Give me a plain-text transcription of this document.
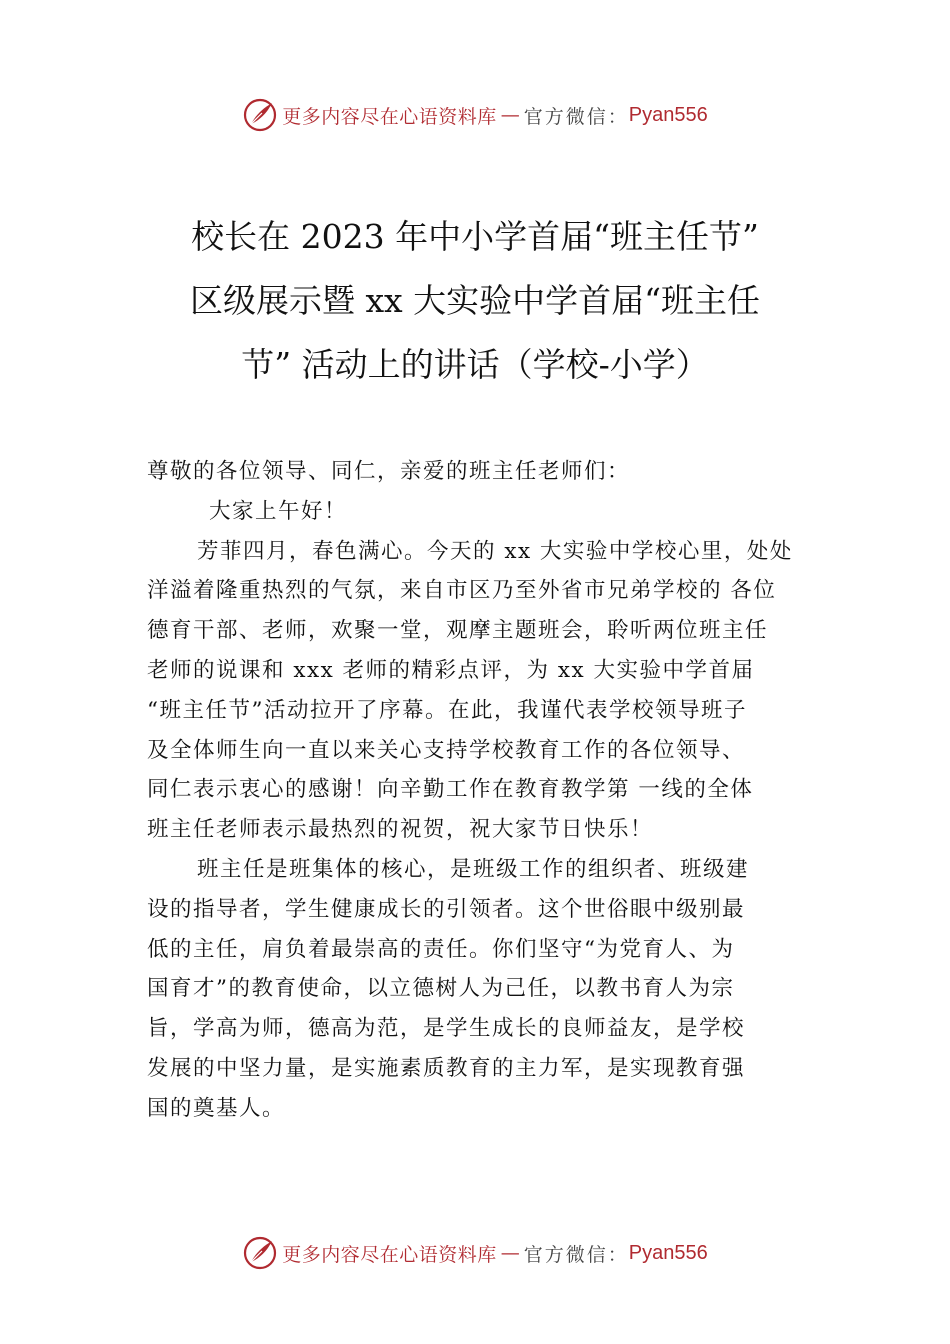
更多内容尽在心语资料库 — 官方微信： Pyan556
校长在 2023 年中小学首届“班主任节”
区级展示暨 xx 大实验中学首届“班主任
节” 活动上的讲话（学校-小学）

尊敬的各位领导、同仁，亲爱的班主任老师们：

大家上午好！

芳菲四月，春色满心。今天的 xx 大实验中学校心里，处处
洋溢着隆重热烈的气氛，来自市区乃至外省市兄弟学校的 各位
德育干部、老师，欢聚一堂，观摩主题班会，聆听两位班主任
老师的说课和 xxx 老师的精彩点评，为 xx 大实验中学首届
“班主任节”活动拉开了序幕。在此，我谨代表学校领导班子
及全体师生向一直以来关心支持学校教育工作的各位领导、
同仁表示衷心的感谢！向辛勤工作在教育教学第 一线的全体
班主任老师表示最热烈的祝贺，祝大家节日快乐！

班主任是班集体的核心，是班级工作的组织者、班级建
设的指导者，学生健康成长的引领者。这个世俗眼中级别最
低的主任，肩负着最崇高的责任。你们坚守“为党育人、为
国育才”的教育使命，以立德树人为己任，以教书育人为宗
旨，学高为师，德高为范，是学生成长的良师益友，是学校
发展的中坚力量，是实施素质教育的主力军，是实现教育强
国的奠基人。

更多内容尽在心语资料库 — 官方微信： Pyan556
